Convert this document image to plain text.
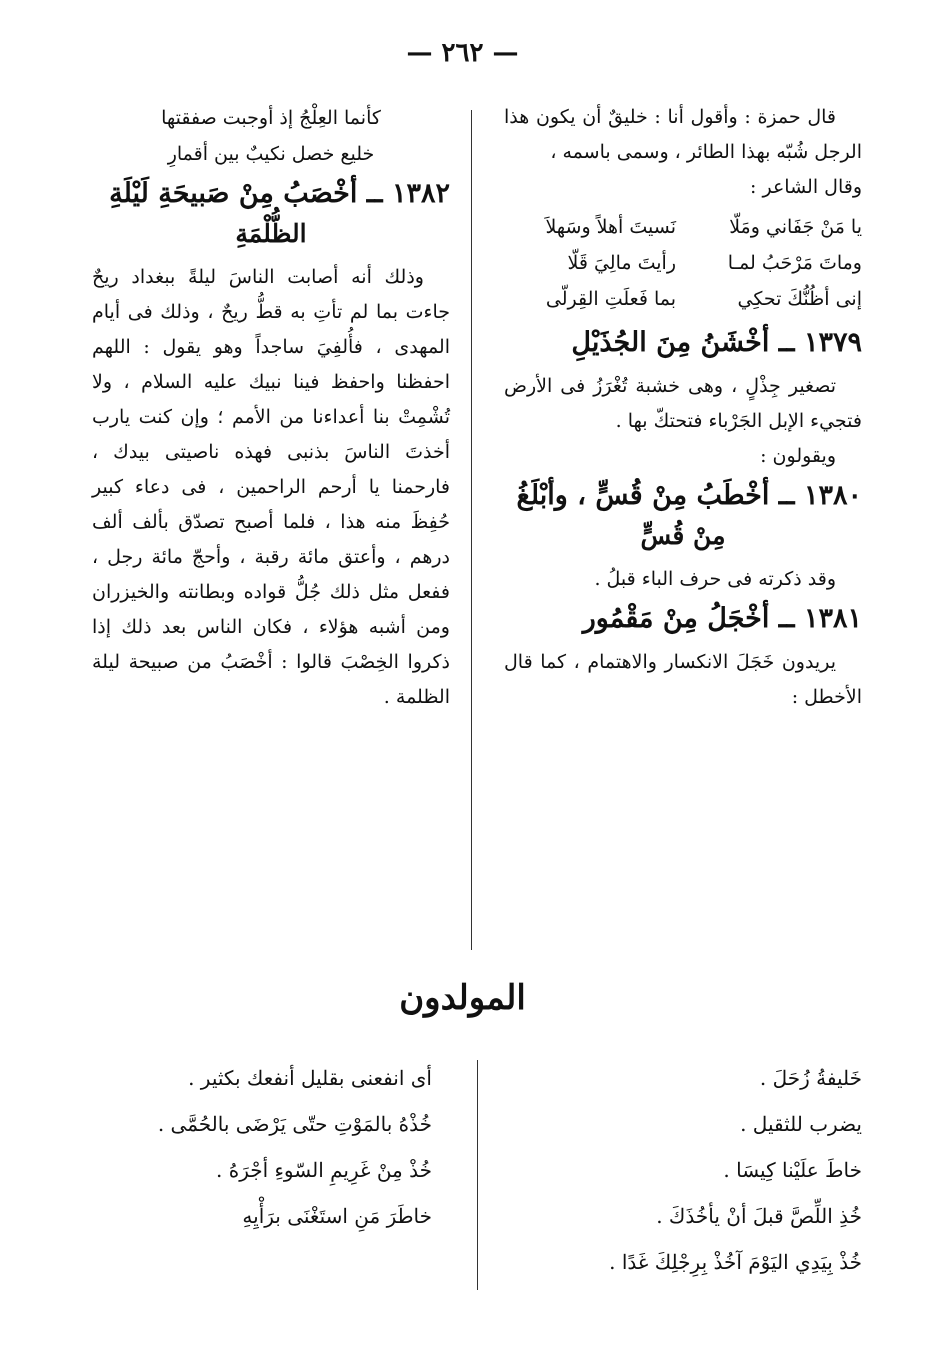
— ٢٦٢ —

قال حمزة : وأقول أنا : خليقٌ أن يكون هذا الرجل شُبّه بهذا الطائر ، وسمى باسمه ،

وقال الشاعر :

يا مَنْ جَفَاني ومَلّا
نَسيتَ أهلاً وسَهلاَ
وماتَ مَرْحَبُ لمـا
رأيتَ مالِيَ قَلّا
إنى أظُنُّكَ تحكِي
بما فَعلَتِ القِرلّى
١٣٧٩ ــ أخْشَنُ مِنَ الجُذَيْلِ

تصغير جِذْلٍ ، وهى خشبة تُغْرَزُ فى الأرض فتجيء الإبل الجَرْباء فتحتكّ بها .

ويقولون :

١٣٨٠ ــ أخْطَبُ مِنْ قُسٍّ ، وأبْلَغُ
مِنْ قُسٍّ

وقد ذكرته فى حرف الباء قبلُ .

١٣٨١ ــ أخْجَلُ مِنْ مَقْمُور

يريدون خَجَلَ الانكسار والاهتمام ، كما قال الأخطل :

كأنما العِلْجُ إذ أوجبت صفقتها

خليع خصل نكيبٌ بين أقمارِ

١٣٨٢ ــ أخْصَبُ مِنْ صَبيحَةِ لَيْلَةِ
الظُّلْمَةِ

وذلك أنه أصابت الناسَ ليلةً ببغداد ريحٌ جاءت بما لم تأتِ به قطُّ ريحٌ ، وذلك فى أيام المهدى ، فأُلفِيَ ساجداً وهو يقول : اللهم احفظنا واحفظ فينا نبيك عليه السلام ، ولا تُشْمِتْ بنا أعداءنا من الأمم ؛ وإن كنت يارب أخذتَ الناسَ بذنبى فهذه ناصيتى بيدك ، فارحمنا يا أرحم الراحمين ، فى دعاء كبير حُفِظَ منه هذا ، فلما أصبح تصدّق بألف ألف درهم ، وأعتق مائة رقبة ، وأحجّ مائة رجل ، ففعل مثل ذلك جُلُّ قواده وبطانته والخيزران ومن أشبه هؤلاء ، فكان الناس بعد ذلك إذا ذكروا الخِصْبَ قالوا : أخْصَبُ من صبيحة ليلة الظلمة .

المولدون
خَليفةُ زُحَلَ .
يضرب للثقيل .
خاطَ علَيْنا كِيسَا .
خُذِ اللِّصَّ قبلَ أنْ يأخُذَكَ .
خُذْ بِيَدِي اليَوْمَ آخُذْ بِرِجْلِكَ غَدًا .
أى انفعنى بقليل أنفعك بكثير .
خُذْهُ بالمَوْتِ حتّى يَرْضَى بالحُمَّى .
خُذْ مِنْ غَرِيمِ السّوءِ أجْرَهُ .
خاطَرَ مَنِ استَغْنَى برَأْيِهِ
